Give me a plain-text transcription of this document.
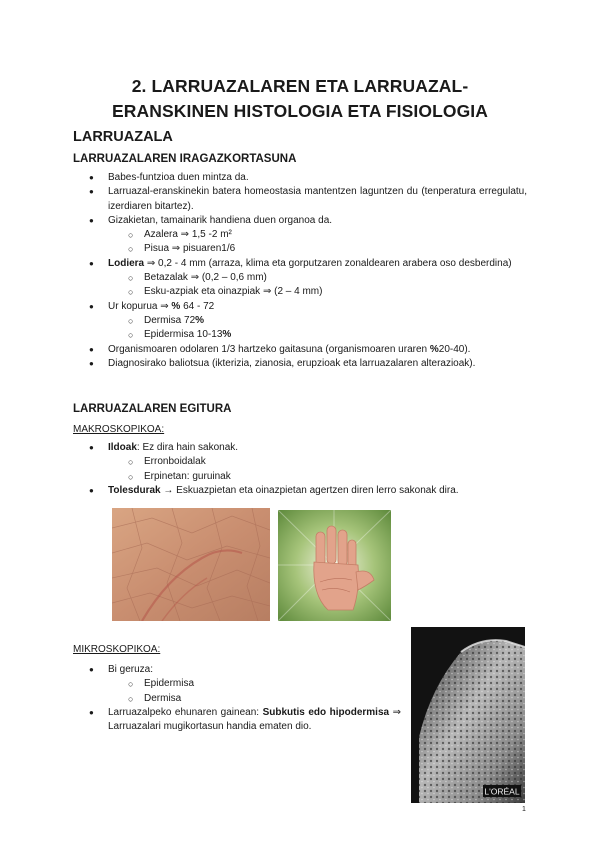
2. LARRUAZALAREN ETA LARRUAZAL-
ERANSKINEN HISTOLOGIA ETA FISIOLOGIA
LARRUAZALA
LARRUAZALAREN IRAGAZKORTASUNA
● Babes-funtzioa duen mintza da.
● Larruazal-eranskinekin batera homeostasia mantentzen laguntzen du (tenperatura erregulatu, izerdiaren bitartez).
● Gizakietan, tamainarik handiena duen organoa da.
○ Azalera ⇒ 1,5 -2 m²
○ Pisua ⇒ pisuaren1/6
● Lodiera ⇒ 0,2 - 4 mm (arraza, klima eta gorputzaren zonaldearen arabera oso desberdina)
○ Betazalak ⇒ (0,2 – 0,6 mm)
○ Esku-azpiak eta oinazpiak ⇒ (2 – 4 mm)
● Ur kopurua ⇒ % 64 - 72
○ Dermisa 72%
○ Epidermisa 10-13%
● Organismoaren odolaren 1/3 hartzeko gaitasuna (organismoaren uraren %20-40).
● Diagnosirako baliotsua (ikterizia, zianosia, erupzioak eta larruazalaren alterazioak).
LARRUAZALAREN EGITURA
MAKROSKOPIKOA:
● Ildoak: Ez dira hain sakonak.
○ Erronboidalak
○ Erpinetan: guruinak
● Tolesdurak → Eskuazpietan eta oinazpietan agertzen diren lerro sakonak dira.
MIKROSKOPIKOA:
● Bi geruza:
○ Epidermisa
○ Dermisa
● Larruazalpeko ehunaren gainean: Subkutis edo hipodermisa ⇒ Larruazalari mugikortasun handia ematen dio.
L'ORÉAL
1
